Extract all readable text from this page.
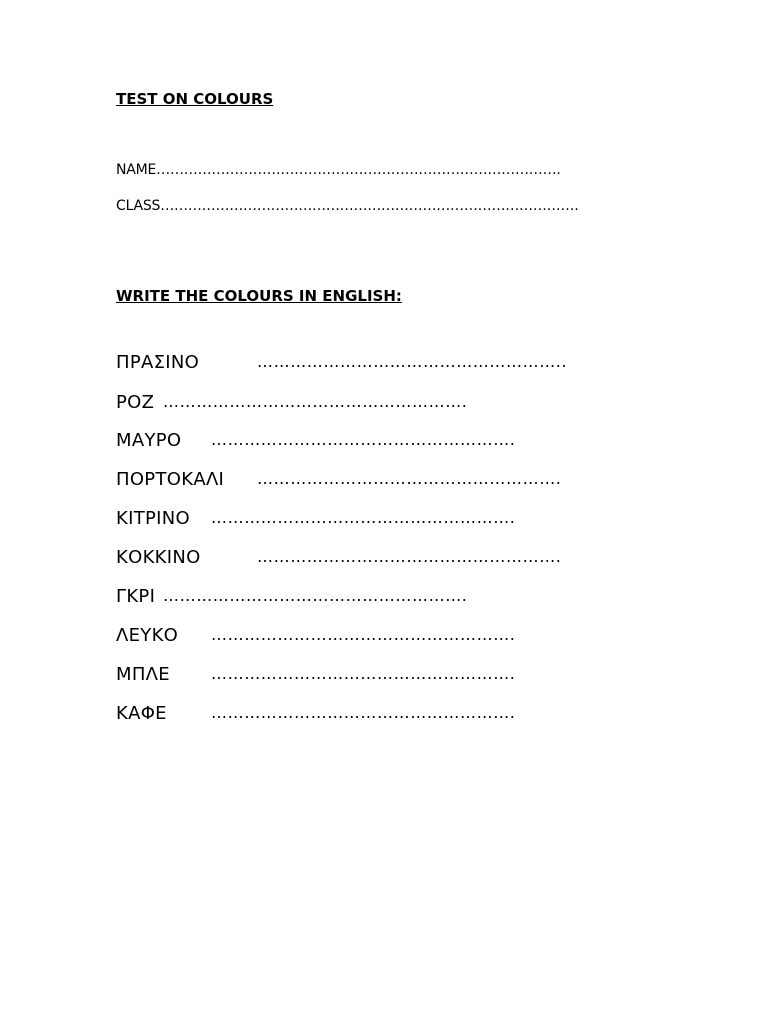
TEST ON COLOURS
NAME…………………………………………………………………………….
CLASS……………………………………………………………………………….
WRITE THE COLOURS IN ENGLISH:
ΠΡΑΣΙΝΟ	………………………………………………..
ΡΟΖ ……………………………………………….
ΜΑΥΡΟ ……………………………………………….
ΠΟΡΤΟΚΑΛΙ ……………………………………………….
ΚΙΤΡΙΝΟ ……………………………………………….
ΚΟΚΚΙΝΟ	……………………………………………….
ΓΚΡΙ ……………………………………………….
ΛΕΥΚΟ ……………………………………………….
ΜΠΛΕ	……………………………………………….
ΚΑΦΕ	……………………………………………….
